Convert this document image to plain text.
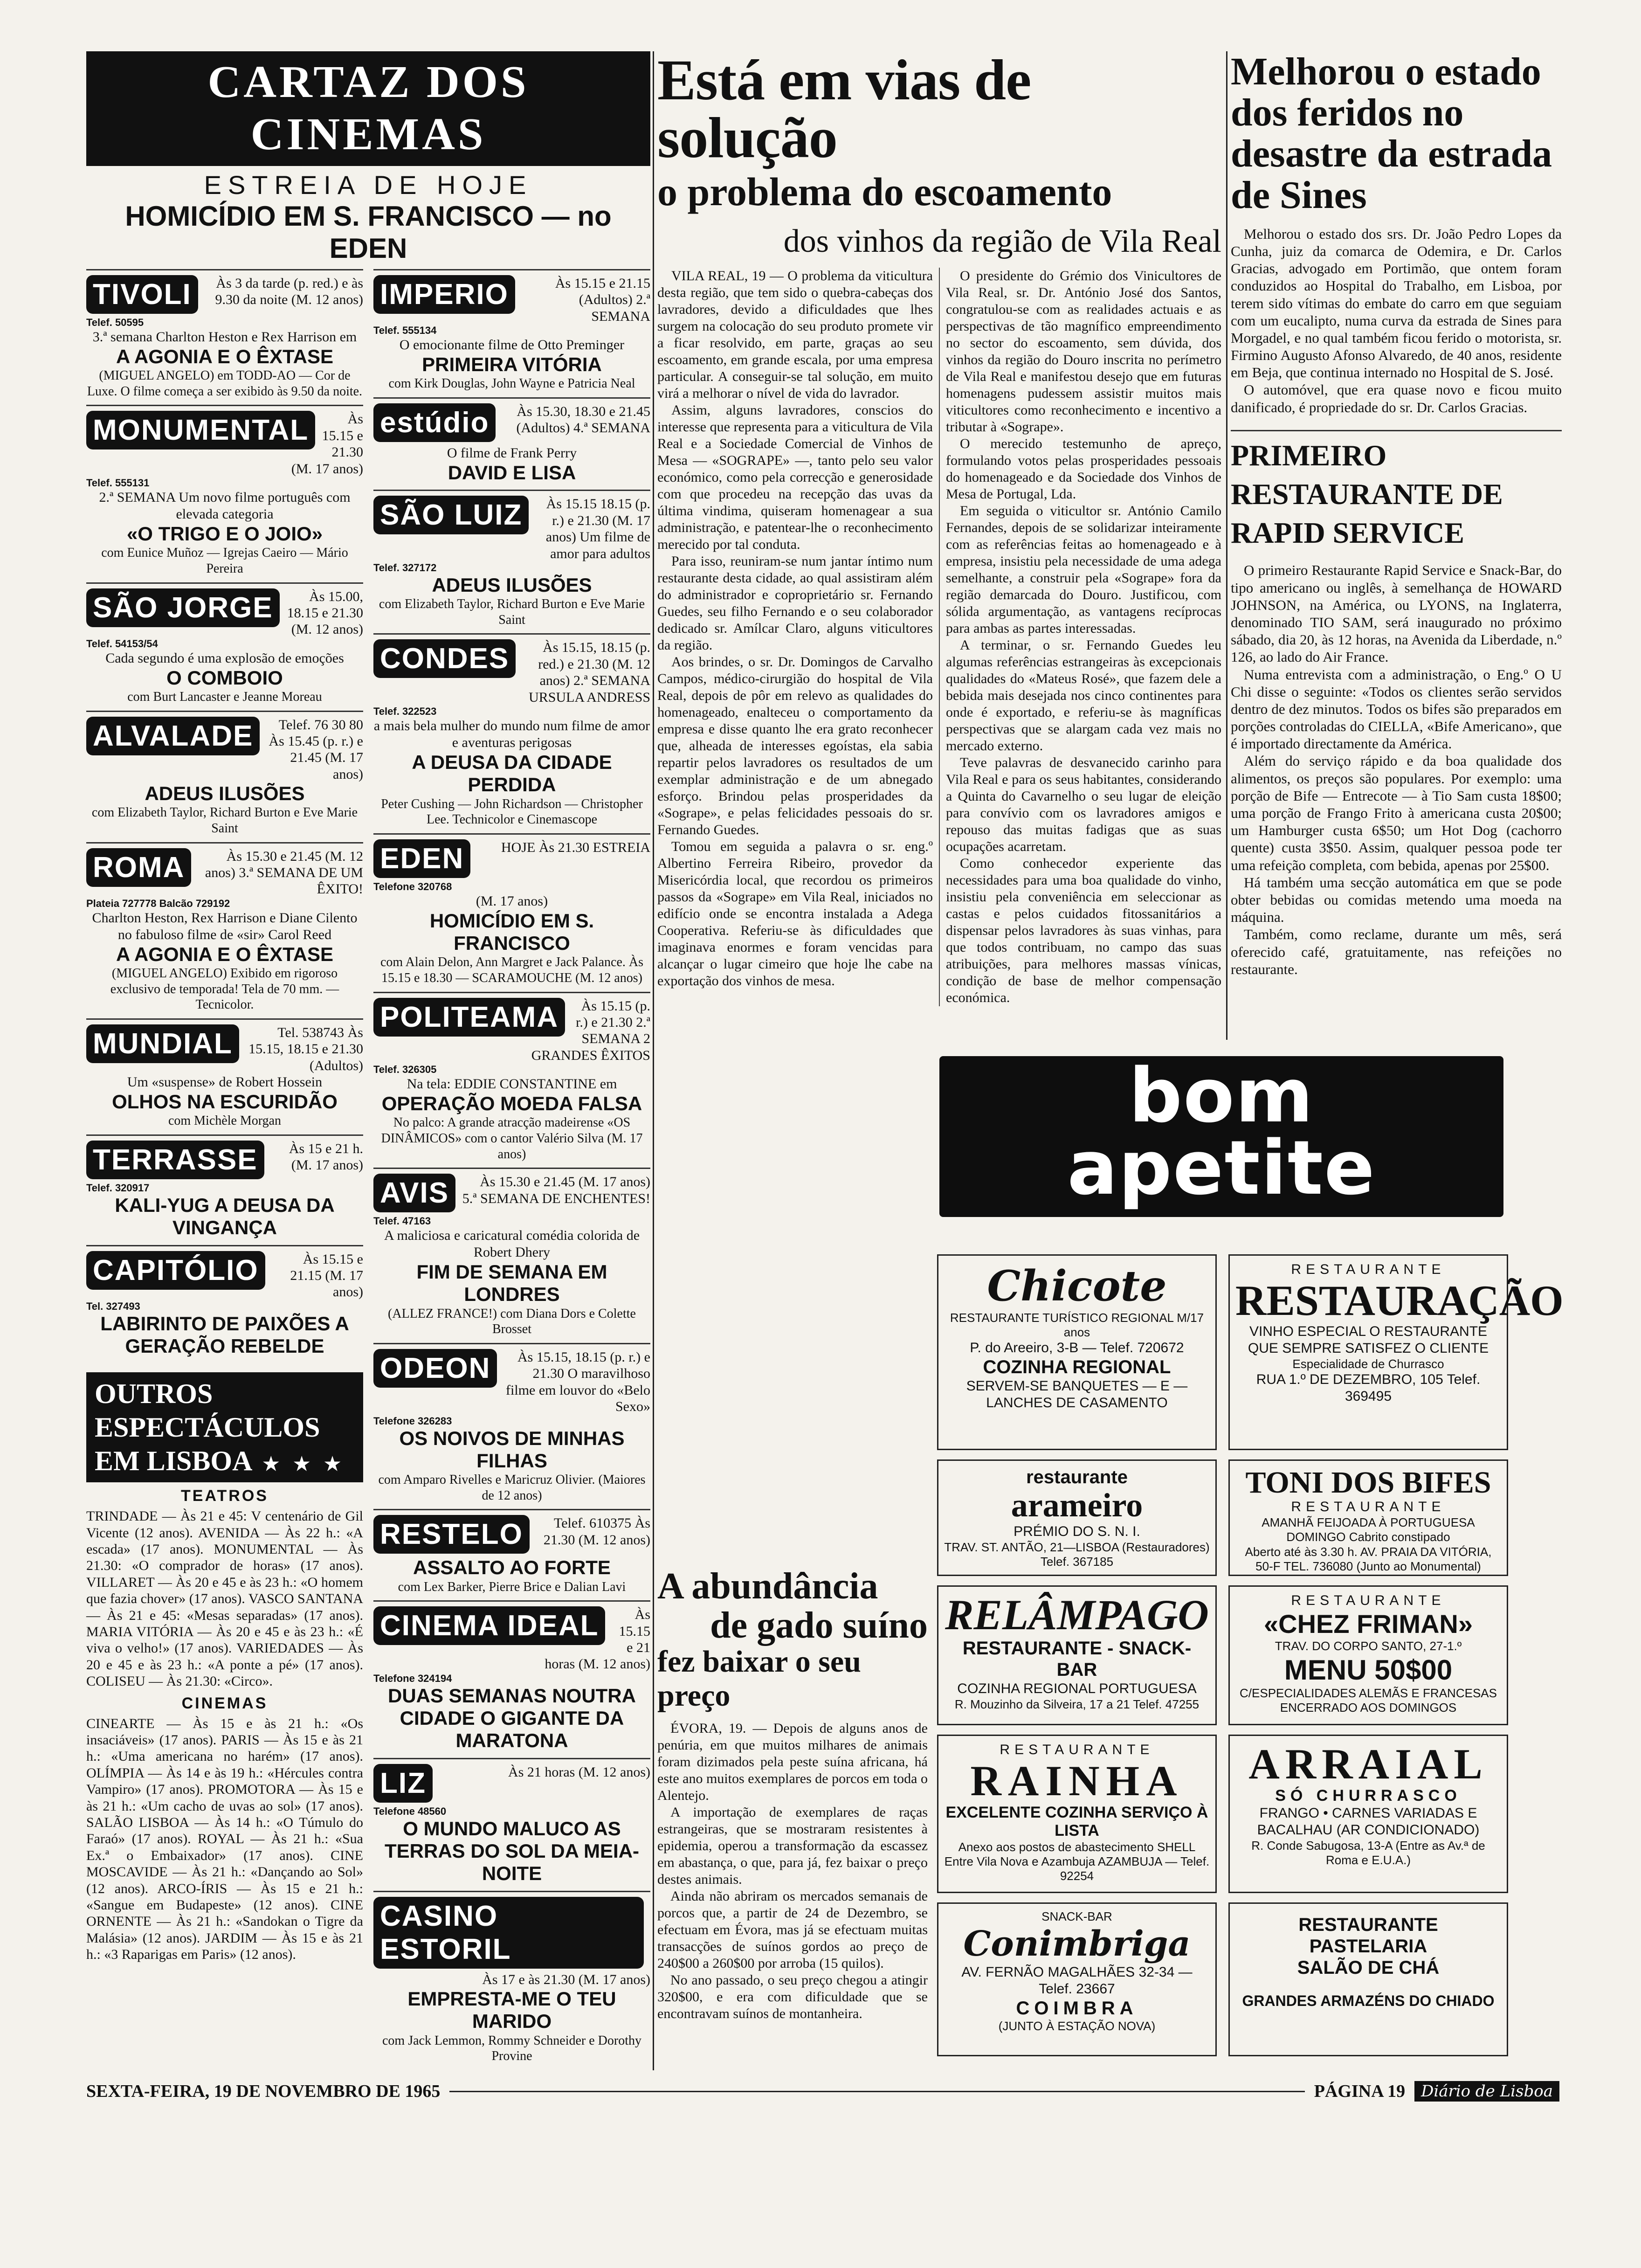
CARTAZ DOS CINEMAS
ESTREIA DE HOJE
HOMICÍDIO EM S. FRANCISCO — no EDEN
TIVOLI	Às 3 da tarde (p. red.) e às 9.30 da noite (M. 12 anos)
Telef. 50595
3.ª semana Charlton Heston e Rex Harrison em
A AGONIA E O ÊXTASE
(MIGUEL ANGELO) em TODD-AO — Cor de Luxe. O filme começa a ser exibido às 9.50 da noite.
MONUMENTAL	Às 15.15 e 21.30 (M. 17 anos)
Telef. 555131
2.ª SEMANA Um novo filme português com elevada categoria
«O TRIGO E O JOIO»
com Eunice Muñoz — Igrejas Caeiro — Mário Pereira
SÃO JORGE	Às 15.00, 18.15 e 21.30 (M. 12 anos)
Telef. 54153/54
Cada segundo é uma explosão de emoções
O COMBOIO
com Burt Lancaster e Jeanne Moreau
ALVALADE	Telef. 76 30 80 Às 15.45 (p. r.) e 21.45 (M. 17 anos)
ADEUS ILUSÕES
com Elizabeth Taylor, Richard Burton e Eve Marie Saint
ROMA	Às 15.30 e 21.45 (M. 12 anos) 3.ª SEMANA DE UM ÊXITO!
Plateia 727778 Balcão 729192
Charlton Heston, Rex Harrison e Diane Cilento no fabuloso filme de «sir» Carol Reed
A AGONIA E O ÊXTASE
(MIGUEL ANGELO) Exibido em rigoroso exclusivo de temporada! Tela de 70 mm. — Tecnicolor.
MUNDIAL	Tel. 538743 Às 15.15, 18.15 e 21.30 (Adultos)
Um «suspense» de Robert Hossein
OLHOS NA ESCURIDÃO
com Michèle Morgan
TERRASSE	Às 15 e 21 h. (M. 17 anos)
Telef. 320917
KALI-YUG A DEUSA DA VINGANÇA
CAPITÓLIO	Às 15.15 e 21.15 (M. 17 anos)
Tel. 327493
LABIRINTO DE PAIXÕES A GERAÇÃO REBELDE
OUTROS ESPECTÁCULOS EM LISBOA ★ ★ ★
TEATROS
TRINDADE — Às 21 e 45: V centenário de Gil Vicente (12 anos). AVENIDA — Às 22 h.: «A escada» (17 anos). MONUMENTAL — Às 21.30: «O comprador de horas» (17 anos). VILLARET — Às 20 e 45 e às 23 h.: «O homem que fazia chover» (17 anos). VASCO SANTANA — Às 21 e 45: «Mesas separadas» (17 anos). MARIA VITÓRIA — Às 20 e 45 e às 23 h.: «É viva o velho!» (17 anos). VARIEDADES — Às 20 e 45 e às 23 h.: «A ponte a pé» (17 anos). COLISEU — Às 21.30: «Circo».
CINEMAS
CINEARTE — Às 15 e às 21 h.: «Os insaciáveis» (17 anos). PARIS — Às 15 e às 21 h.: «Uma americana no harém» (17 anos). OLÍMPIA — Às 14 e às 19 h.: «Hércules contra Vampiro» (17 anos). PROMOTORA — Às 15 e às 21 h.: «Um cacho de uvas ao sol» (17 anos). SALÃO LISBOA — Às 14 h.: «O Túmulo do Faraó» (17 anos). ROYAL — Às 21 h.: «Sua Ex.ª o Embaixador» (17 anos). CINE MOSCAVIDE — Às 21 h.: «Dançando ao Sol» (12 anos). ARCO-ÍRIS — Às 15 e 21 h.: «Sangue em Budapeste» (12 anos). CINE ORNENTE — Às 21 h.: «Sandokan o Tigre da Malásia» (12 anos). JARDIM — Às 15 e às 21 h.: «3 Raparigas em Paris» (12 anos).
IMPERIO	Às 15.15 e 21.15 (Adultos) 2.ª SEMANA
Telef. 555134
O emocionante filme de Otto Preminger
PRIMEIRA VITÓRIA
com Kirk Douglas, John Wayne e Patricia Neal
estúdio	Às 15.30, 18.30 e 21.45 (Adultos) 4.ª SEMANA
O filme de Frank Perry
DAVID E LISA
SÃO LUIZ	Às 15.15 18.15 (p. r.) e 21.30 (M. 17 anos) Um filme de amor para adultos
Telef. 327172
ADEUS ILUSÕES
com Elizabeth Taylor, Richard Burton e Eve Marie Saint
CONDES	Às 15.15, 18.15 (p. red.) e 21.30 (M. 12 anos) 2.ª SEMANA URSULA ANDRESS
Telef. 322523
a mais bela mulher do mundo num filme de amor e aventuras perigosas
A DEUSA DA CIDADE PERDIDA
Peter Cushing — John Richardson — Christopher Lee. Technicolor e Cinemascope
EDEN	HOJE Às 21.30 ESTREIA
Telefone 320768
(M. 17 anos)
HOMICÍDIO EM S. FRANCISCO
com Alain Delon, Ann Margret e Jack Palance. Às 15.15 e 18.30 — SCARAMOUCHE (M. 12 anos)
POLITEAMA	Às 15.15 (p. r.) e 21.30 2.ª SEMANA 2 GRANDES ÊXITOS
Telef. 326305
Na tela: EDDIE CONSTANTINE em
OPERAÇÃO MOEDA FALSA
No palco: A grande atracção madeirense «OS DINÂMICOS» com o cantor Valério Silva (M. 17 anos)
AVIS	Às 15.30 e 21.45 (M. 17 anos) 5.ª SEMANA DE ENCHENTES!
Telef. 47163
A maliciosa e caricatural comédia colorida de Robert Dhery
FIM DE SEMANA EM LONDRES
(ALLEZ FRANCE!) com Diana Dors e Colette Brosset
ODEON	Às 15.15, 18.15 (p. r.) e 21.30 O maravilhoso filme em louvor do «Belo Sexo»
Telefone 326283
OS NOIVOS DE MINHAS FILHAS
com Amparo Rivelles e Maricruz Olivier. (Maiores de 12 anos)
RESTELO	Telef. 610375 Às 21.30 (M. 12 anos)
ASSALTO AO FORTE
com Lex Barker, Pierre Brice e Dalian Lavi
CINEMA IDEAL	Às 15.15 e 21 horas (M. 12 anos)
Telefone 324194
DUAS SEMANAS NOUTRA CIDADE O GIGANTE DA MARATONA
LIZ	Às 21 horas (M. 12 anos)
Telefone 48560
O MUNDO MALUCO AS TERRAS DO SOL DA MEIA-NOITE
CASINO ESTORIL
Às 17 e às 21.30 (M. 17 anos)
EMPRESTA-ME O TEU MARIDO
com Jack Lemmon, Rommy Schneider e Dorothy Provine
Está em vias de solução
o problema do escoamento
dos vinhos da região de Vila Real

VILA REAL, 19 — O problema da viticultura desta região, que tem sido o quebra-cabeças dos lavradores, devido a dificuldades que lhes surgem na colocação do seu produto promete vir a ficar resolvido, em parte, graças ao seu escoamento, em grande escala, por uma empresa particular. A conseguir-se tal solução, em muito virá a melhorar o nível de vida do lavrador.

Assim, alguns lavradores, conscios do interesse que representa para a viticultura de Vila Real e a Sociedade Comercial de Vinhos de Mesa — «SOGRAPE» —, tanto pelo seu valor económico, como pela correcção e generosidade com que procedeu na recepção das uvas da última vindima, quiseram homenagear a sua administração, e patentear-lhe o reconhecimento merecido por tal conduta.

Para isso, reuniram-se num jantar íntimo num restaurante desta cidade, ao qual assistiram além do administrador e coproprietário sr. Fernando Guedes, seu filho Fernando e o seu colaborador dedicado sr. Amílcar Claro, alguns viticultores da região.

Aos brindes, o sr. Dr. Domingos de Carvalho Campos, médico-cirurgião do hospital de Vila Real, depois de pôr em relevo as qualidades do homenageado, enalteceu o comportamento da empresa e disse quanto lhe era grato reconhecer que, alheada de interesses egoístas, ela sabia repartir pelos lavradores os resultados de um exemplar administração e de um abnegado esforço. Brindou pelas prosperidades da «Sogrape», e pelas felicidades pessoais do sr. Fernando Guedes.

Tomou em seguida a palavra o sr. eng.º Albertino Ferreira Ribeiro, provedor da Misericórdia local, que recordou os primeiros passos da «Sogrape» em Vila Real, iniciados no edifício onde se encontra instalada a Adega Cooperativa. Referiu-se às dificuldades que imaginava enormes e foram vencidas para alcançar o lugar cimeiro que hoje lhe cabe na exportação dos vinhos de mesa.

O presidente do Grémio dos Vinicultores de Vila Real, sr. Dr. António José dos Santos, congratulou-se com as realidades actuais e as perspectivas de tão magnífico empreendimento no sector do escoamento, sem dúvida, dos vinhos da região do Douro inscrita no perímetro de Vila Real e manifestou desejo que em futuras homenagens pudessem assistir muitos mais viticultores como reconhecimento e incentivo a tributar à «Sogrape».

O merecido testemunho de apreço, formulando votos pelas prosperidades pessoais do homenageado e da Sociedade dos Vinhos de Mesa de Portugal, Lda.

Em seguida o viticultor sr. António Camilo Fernandes, depois de se solidarizar inteiramente com as referências feitas ao homenageado e à empresa, insistiu pela necessidade de uma adega semelhante, a construir pela «Sogrape» fora da região demarcada do Douro. Justificou, com sólida argumentação, as vantagens recíprocas para ambas as partes interessadas.

A terminar, o sr. Fernando Guedes leu algumas referências estrangeiras às excepcionais qualidades do «Mateus Rosé», que fazem dele a bebida mais desejada nos cinco continentes para onde é exportado, e referiu-se às magníficas perspectivas que se alargam cada vez mais no mercado externo.

Teve palavras de desvanecido carinho para Vila Real e para os seus habitantes, considerando a Quinta do Cavarnelho o seu lugar de eleição para convívio com os lavradores amigos e repouso das muitas fadigas que as suas ocupações acarretam.

Como conhecedor experiente das necessidades para uma boa qualidade do vinho, insistiu pela conveniência em seleccionar as castas e pelos cuidados fitossanitários a dispensar pelos lavradores às suas vinhas, para que todos contribuam, no campo das suas atribuições, para melhores massas vínicas, condição de base de melhor compensação económica.

Melhorou o estado dos feridos no desastre da estrada de Sines

Melhorou o estado dos srs. Dr. João Pedro Lopes da Cunha, juiz da comarca de Odemira, e Dr. Carlos Gracias, advogado em Portimão, que ontem foram conduzidos ao Hospital do Trabalho, em Lisboa, por terem sido vítimas do embate do carro em que seguiam com um eucalipto, numa curva da estrada de Sines para Morgadel, e no qual também ficou ferido o motorista, sr. Firmino Augusto Afonso Alvaredo, de 40 anos, residente em Beja, que continua internado no Hospital de S. José.

O automóvel, que era quase novo e ficou muito danificado, é propriedade do sr. Dr. Carlos Gracias.

PRIMEIRO RESTAURANTE DE RAPID SERVICE

O primeiro Restaurante Rapid Service e Snack-Bar, do tipo americano ou inglês, à semelhança de HOWARD JOHNSON, na América, ou LYONS, na Inglaterra, denominado TIO SAM, será inaugurado no próximo sábado, dia 20, às 12 horas, na Avenida da Liberdade, n.º 126, ao lado do Air France.

Numa entrevista com a administração, o Eng.º O U Chi disse o seguinte: «Todos os clientes serão servidos dentro de dez minutos. Todos os bifes são preparados em porções controladas do CIELLA, «Bife Americano», que é importado directamente da América.

Além do serviço rápido e da boa qualidade dos alimentos, os preços são populares. Por exemplo: uma porção de Bife — Entrecote — à Tio Sam custa 18$00; uma porção de Frango Frito à americana custa 20$00; um Hamburger custa 6$50; um Hot Dog (cachorro quente) custa 3$50. Assim, qualquer pessoa pode ter uma refeição completa, com bebida, apenas por 25$00.

Há também uma secção automática em que se pode obter bebidas ou comidas metendo uma moeda na máquina.

Também, como reclame, durante um mês, será oferecido café, gratuitamente, nas refeições no restaurante.

bom
apetite
A abundância
de gado suíno
fez baixar o seu preço

ÉVORA, 19. — Depois de alguns anos de penúria, em que muitos milhares de animais foram dizimados pela peste suína africana, há este ano muitos exemplares de porcos em toda o Alentejo.

A importação de exemplares de raças estrangeiras, que se mostraram resistentes à epidemia, operou a transformação da escassez em abastança, o que, para já, fez baixar o preço destes animais.

Ainda não abriram os mercados semanais de porcos que, a partir de 24 de Dezembro, se efectuam em Évora, mas já se efectuam muitas transacções de suínos gordos ao preço de 240$00 a 260$00 por arroba (15 quilos).

No ano passado, o seu preço chegou a atingir 320$00, e era com dificuldade que se encontravam suínos de montanheira.

Chicote
RESTAURANTE TURÍSTICO REGIONAL M/17 anos
P. do Areeiro, 3-B — Telef. 720672
COZINHA REGIONAL
SERVEM-SE BANQUETES — E — LANCHES DE CASAMENTO
RESTAURANTE
RESTAURAÇÃO
VINHO ESPECIAL O RESTAURANTE QUE SEMPRE SATISFEZ O CLIENTE
Especialidade de Churrasco
RUA 1.º DE DEZEMBRO, 105 Telef. 369495
restaurante
arameiro
PRÉMIO DO S. N. I.
TRAV. ST. ANTÃO, 21—LISBOA (Restauradores) Telef. 367185
TONI DOS BIFES
RESTAURANTE
AMANHÃ FEIJOADA À PORTUGUESA DOMINGO Cabrito constipado
Aberto até às 3.30 h. AV. PRAIA DA VITÓRIA, 50-F TEL. 736080 (Junto ao Monumental)
RELÂMPAGO
RESTAURANTE - SNACK-BAR
COZINHA REGIONAL PORTUGUESA
R. Mouzinho da Silveira, 17 a 21 Telef. 47255
RESTAURANTE
«CHEZ FRIMAN»
TRAV. DO CORPO SANTO, 27-1.º
MENU 50$00
C/ESPECIALIDADES ALEMÃS E FRANCESAS ENCERRADO AOS DOMINGOS
RESTAURANTE
RAINHA
EXCELENTE COZINHA SERVIÇO À LISTA
Anexo aos postos de abastecimento SHELL
Entre Vila Nova e Azambuja AZAMBUJA — Telef. 92254
ARRAIAL
SÓ CHURRASCO
FRANGO • CARNES VARIADAS E BACALHAU (AR CONDICIONADO)
R. Conde Sabugosa, 13-A (Entre as Av.ª de Roma e E.U.A.)
SNACK-BAR
Conimbriga
AV. FERNÃO MAGALHÃES 32-34 — Telef. 23667
COIMBRA
(JUNTO À ESTAÇÃO NOVA)
RESTAURANTE
PASTELARIA
SALÃO DE CHÁ
GRANDES ARMAZÉNS DO CHIADO
SEXTA-FEIRA, 19 DE NOVEMBRO DE 1965	PÁGINA 19	Diário de Lisboa
